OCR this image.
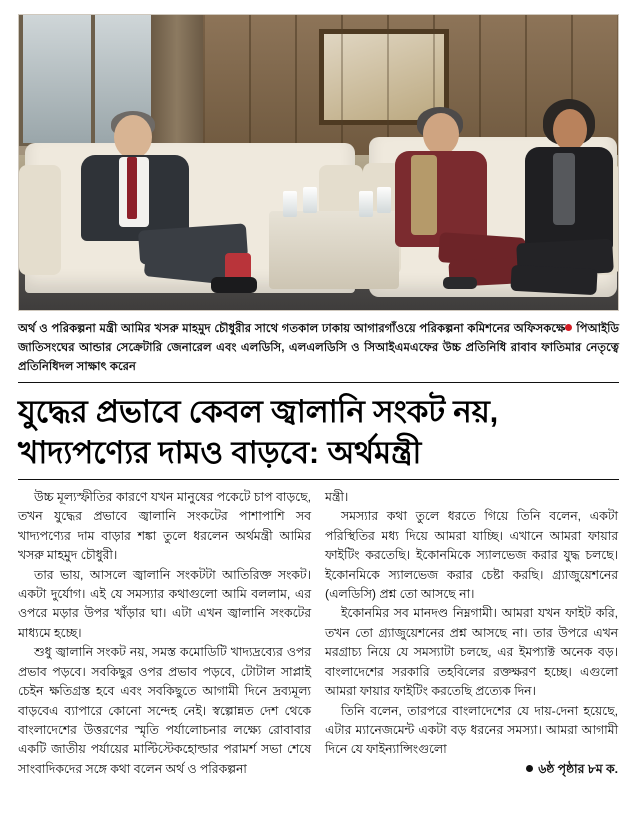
পিআইডি
অর্থ ও পরিকল্পনা মন্ত্রী আমির খসরু মাহমুদ চৌধুরীর সাথে গতকাল ঢাকায় আগারগাঁওয়ে পরিকল্পনা কমিশনের অফিসকক্ষে জাতিসংঘের আন্ডার সেক্রেটারি জেনারেল এবং এলডিসি, এলএলডিসি ও সিআইএমএফের উচ্চ প্রতিনিধি রাবাব ফাতিমার নেতৃত্বে প্রতিনিধিদল সাক্ষাৎ করেন
যুদ্ধের প্রভাবে কেবল জ্বালানি সংকট নয়,
খাদ্যপণ্যের দামও বাড়বে: অর্থমন্ত্রী

উচ্চ মূল্যস্ফীতির কারণে যখন মানুষের পকেটে চাপ বাড়ছে, তখন যুদ্ধের প্রভাবে জ্বালানি সংকটের পাশাপাশি সব খাদ্যপণ্যের দাম বাড়ার শঙ্কা তুলে ধরলেন অর্থমন্ত্রী আমির খসরু মাহমুদ চৌধুরী।

তার ভায়, আসলে জ্বালানি সংকটটা আতিরিক্ত সংকট। একটা দুর্যোগ। এই যে সমস্যার কথাগুলো আমি বললাম, এর ওপরে মড়ার উপর খাঁড়ার ঘা। এটা এখন জ্বালানি সংকটের মাধ্যমে হচ্ছে।

শুধু জ্বালানি সংকট নয়, সমস্ত কমোডিটি খাদ্যদ্রব্যের ওপর প্রভাব পড়বে। সবকিছুর ওপর প্রভাব পড়বে, টোটাল সাপ্লাই চেইন ক্ষতিগ্রস্ত হবে এবং সবকিছুতে আগামী দিনে দ্রব্যমূল্য বাড়বেএ ব্যাপারে কোনো সন্দেহ নেই। স্বল্পোন্নত দেশ থেকে বাংলাদেশের উত্তরণের স্মৃতি পর্যালোচনার লক্ষ্যে রোবাবার একটি জাতীয় পর্যায়ের মাল্টিস্টেকহোল্ডার পরামর্শ সভা শেষে সাংবাদিকদের সঙ্গে কথা বলেন অর্থ ও পরিকল্পনা

মন্ত্রী।

সমস্যার কথা তুলে ধরতে গিয়ে তিনি বলেন, একটা পরিস্থিতির মধ্য দিয়ে আমরা যাচ্ছি। এখানে আমরা ফায়ার ফাইটিং করতেছি। ইকোনমিকে স্যালভেজ করার যুদ্ধ চলছে। ইকোনমিকে স্যালভেজ করার চেষ্টা করছি। গ্র্যাজুয়েশনের (এলডিসি) প্রশ্ন তো আসছে না।

ইকোনমির সব মানদণ্ড নিম্নগামী। আমরা যখন ফাইট করি, তখন তো গ্র্যাজুয়েশনের প্রশ্ন আসছে না। তার উপরে এখন মরগ্রাচ্য নিয়ে যে সমস্যাটা চলছে, এর ইমপ্যাক্ট অনেক বড়। বাংলাদেশের সরকারি তহবিলের রক্তক্ষরণ হচ্ছে। এগুলো আমরা ফায়ার ফাইটিং করতেছি প্রত্যেক দিন।

তিনি বলেন, তারপরে বাংলাদেশের যে দায়-দেনা হয়েছে, এটার ম্যানেজমেন্ট একটা বড় ধরনের সমস্যা। আমরা আগামী দিনে যে ফাইন্যান্সিংগুলো

৬ষ্ঠ পৃষ্ঠার ৮ম ক.
